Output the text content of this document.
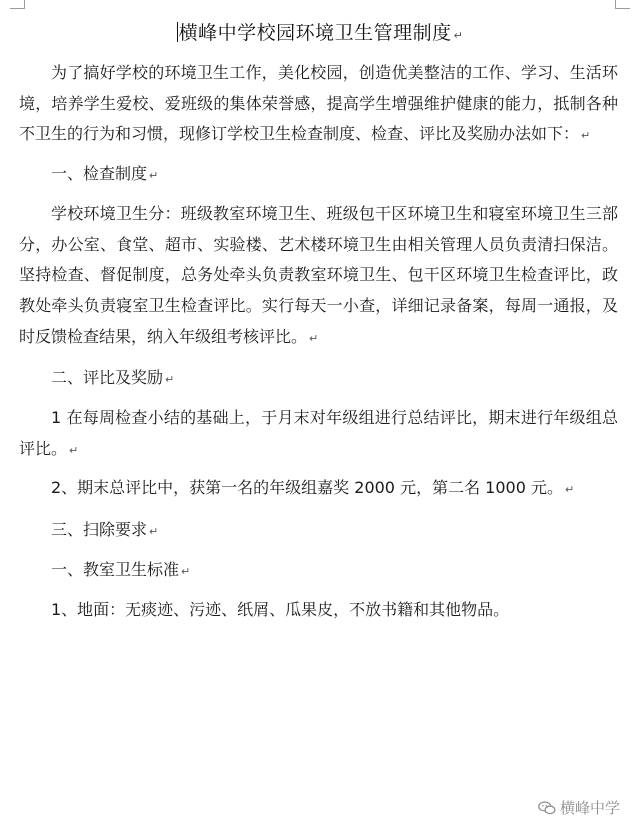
横峰中学校园环境卫生管理制度 ↵

为了搞好学校的环境卫生工作，美化校园，创造优美整洁的工作、学习、生活环境，培养学生爱校、爱班级的集体荣誉感，提高学生增强维护健康的能力，抵制各种不卫生的行为和习惯，现修订学校卫生检查制度、检查、评比及奖励办法如下： ↵

一、检查制度 ↵

学校环境卫生分：班级教室环境卫生、班级包干区环境卫生和寝室环境卫生三部分，办公室、食堂、超市、实验楼、艺术楼环境卫生由相关管理人员负责清扫保洁。坚持检查、督促制度，总务处牵头负责教室环境卫生、包干区环境卫生检查评比，政教处牵头负责寝室卫生检查评比。实行每天一小查，详细记录备案，每周一通报，及时反馈检查结果，纳入年级组考核评比。 ↵

二、评比及奖励 ↵

1 在每周检查小结的基础上，于月末对年级组进行总结评比，期末进行年级组总评比。 ↵

2、期末总评比中，获第一名的年级组嘉奖 2000 元，第二名 1000 元。 ↵

三、扫除要求 ↵

一、教室卫生标准 ↵

1、地面：无痰迹、污迹、纸屑、瓜果皮，不放书籍和其他物品。

横峰中学
